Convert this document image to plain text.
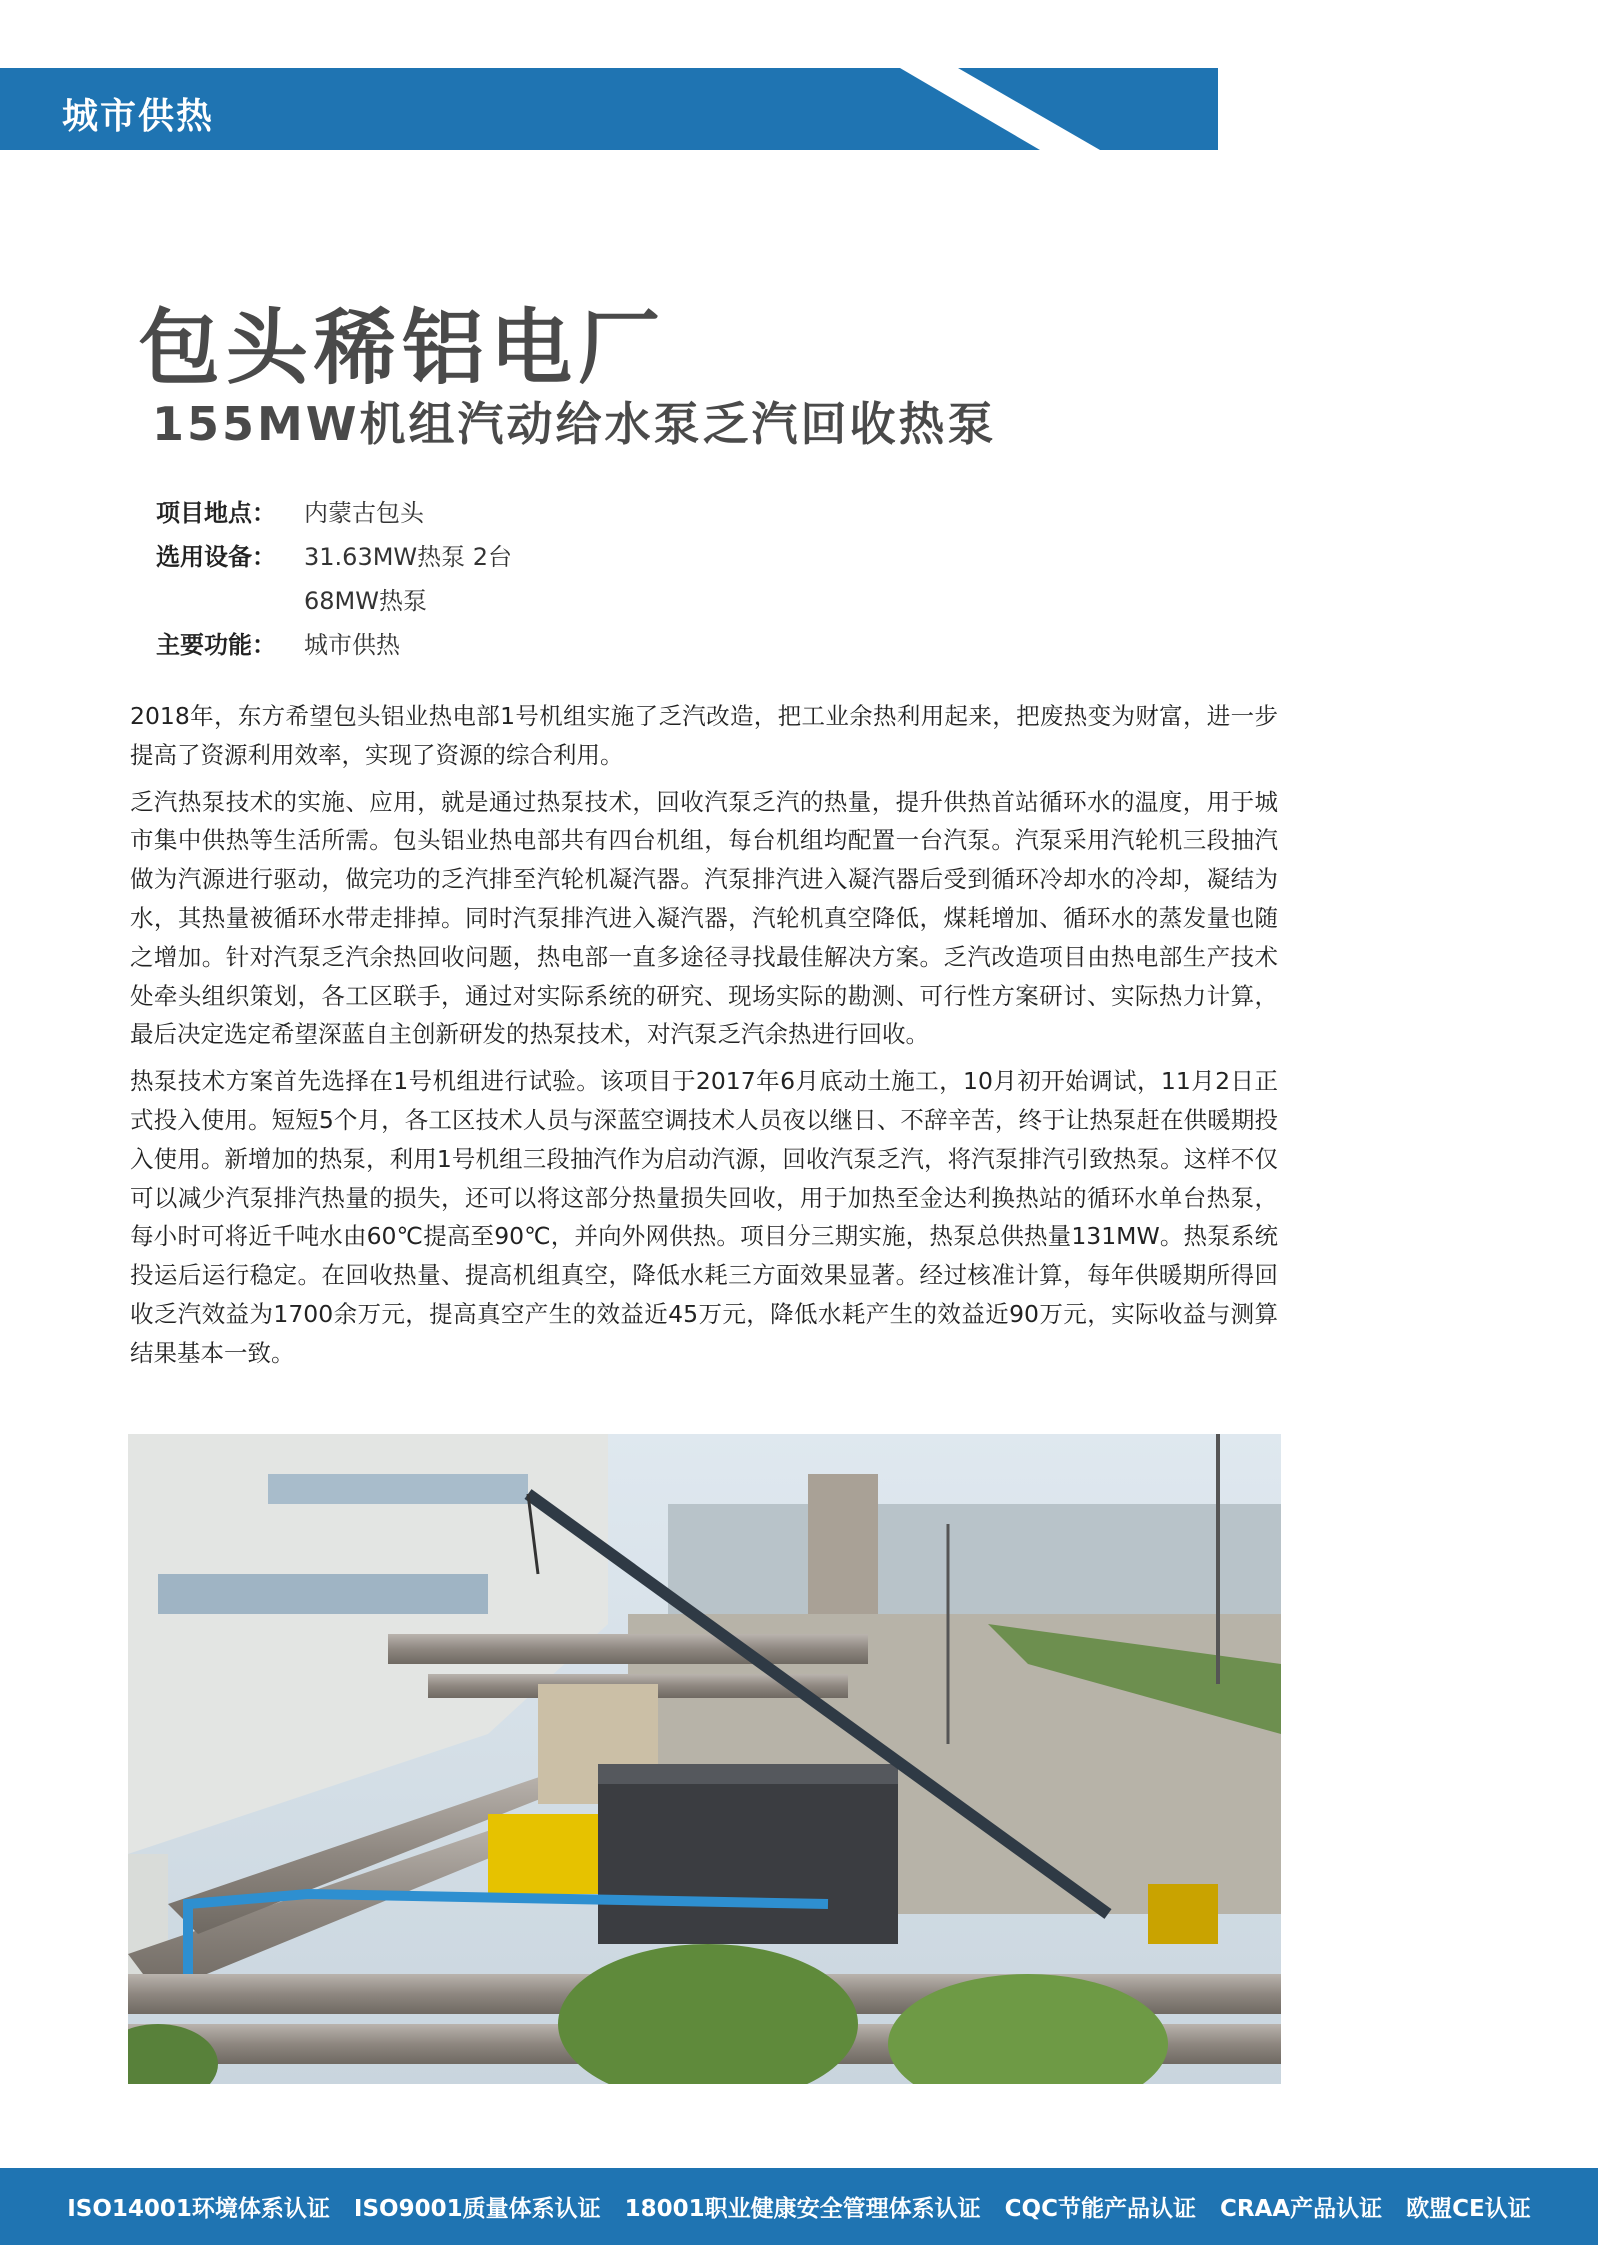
城市供热
包头稀铝电厂
155MW机组汽动给水泵乏汽回收热泵
项目地点：	内蒙古包头
选用设备：	31.63MW热泵 2台
68MW热泵
主要功能：	城市供热

2018年，东方希望包头铝业热电部1号机组实施了乏汽改造，把工业余热利用起来，把废热变为财富，进一步提高了资源利用效率，实现了资源的综合利用。

乏汽热泵技术的实施、应用，就是通过热泵技术，回收汽泵乏汽的热量，提升供热首站循环水的温度，用于城市集中供热等生活所需。包头铝业热电部共有四台机组，每台机组均配置一台汽泵。汽泵采用汽轮机三段抽汽做为汽源进行驱动，做完功的乏汽排至汽轮机凝汽器。汽泵排汽进入凝汽器后受到循环冷却水的冷却，凝结为水，其热量被循环水带走排掉。同时汽泵排汽进入凝汽器，汽轮机真空降低，煤耗增加、循环水的蒸发量也随之增加。针对汽泵乏汽余热回收问题，热电部一直多途径寻找最佳解决方案。乏汽改造项目由热电部生产技术处牵头组织策划，各工区联手，通过对实际系统的研究、现场实际的勘测、可行性方案研讨、实际热力计算，最后决定选定希望深蓝自主创新研发的热泵技术，对汽泵乏汽余热进行回收。

热泵技术方案首先选择在1号机组进行试验。该项目于2017年6月底动土施工，10月初开始调试，11月2日正式投入使用。短短5个月，各工区技术人员与深蓝空调技术人员夜以继日、不辞辛苦，终于让热泵赶在供暖期投入使用。新增加的热泵，利用1号机组三段抽汽作为启动汽源，回收汽泵乏汽，将汽泵排汽引致热泵。这样不仅可以减少汽泵排汽热量的损失，还可以将这部分热量损失回收，用于加热至金达利换热站的循环水单台热泵，每小时可将近千吨水由60℃提高至90℃，并向外网供热。项目分三期实施，热泵总供热量131MW。热泵系统投运后运行稳定。在回收热量、提高机组真空，降低水耗三方面效果显著。经过核准计算，每年供暖期所得回收乏汽效益为1700余万元，提高真空产生的效益近45万元，降低水耗产生的效益近90万元，实际收益与测算结果基本一致。

ISO14001环境体系认证 ISO9001质量体系认证 18001职业健康安全管理体系认证 CQC节能产品认证 CRAA产品认证 欧盟CE认证
